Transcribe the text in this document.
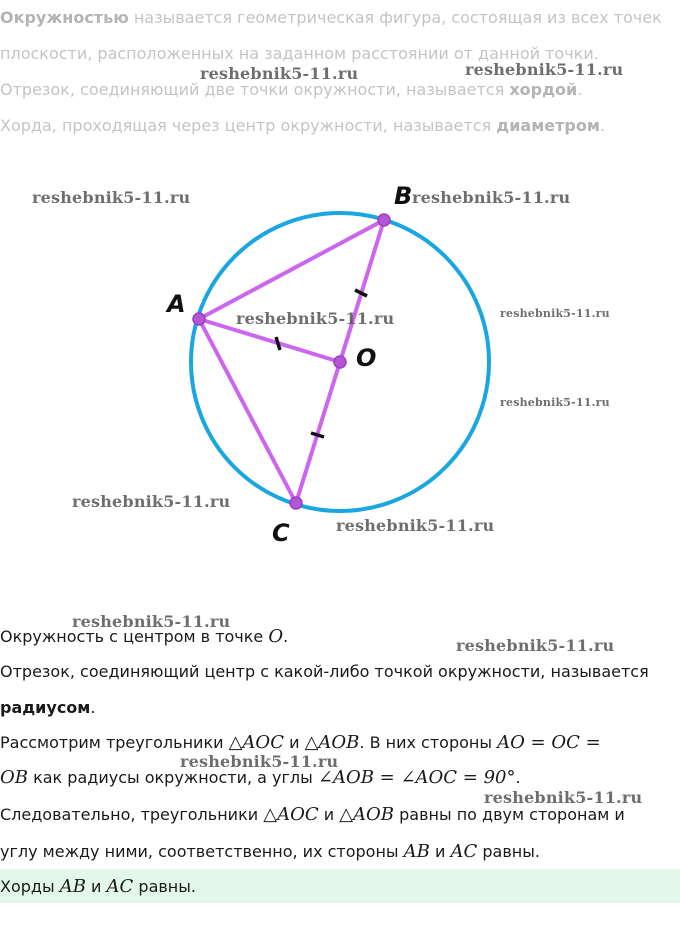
Окружностью называется геометрическая фигура, состоящая из всех точек
плоскости, расположенных на заданном расстоянии от данной точки.
Отрезок, соединяющий две точки окружности, называется хордой.
Хорда, проходящая через центр окружности, называется диаметром.
A
B
O
C
reshebnik5-11.ru	reshebnik5-11.ru
reshebnik5-11.ru	reshebnik5-11.ru
reshebnik5-11.ru	reshebnik5-11.ru
reshebnik5-11.ru
reshebnik5-11.ru
reshebnik5-11.ru
reshebnik5-11.ru
reshebnik5-11.ru
reshebnik5-11.ru
reshebnik5-11.ru
Окружность с центром в точке O.
Отрезок, соединяющий центр с какой-либо точкой окружности, называется
радиусом.
Рассмотрим треугольники △AOC и △AOB. В них стороны AO = OC =
OB как радиусы окружности, а углы ∠AOB = ∠AOC = 90°.
Следовательно, треугольники △AOC и △AOB равны по двум сторонам и
углу между ними, соответственно, их стороны AB и AC равны.
Хорды AB и AC равны.
